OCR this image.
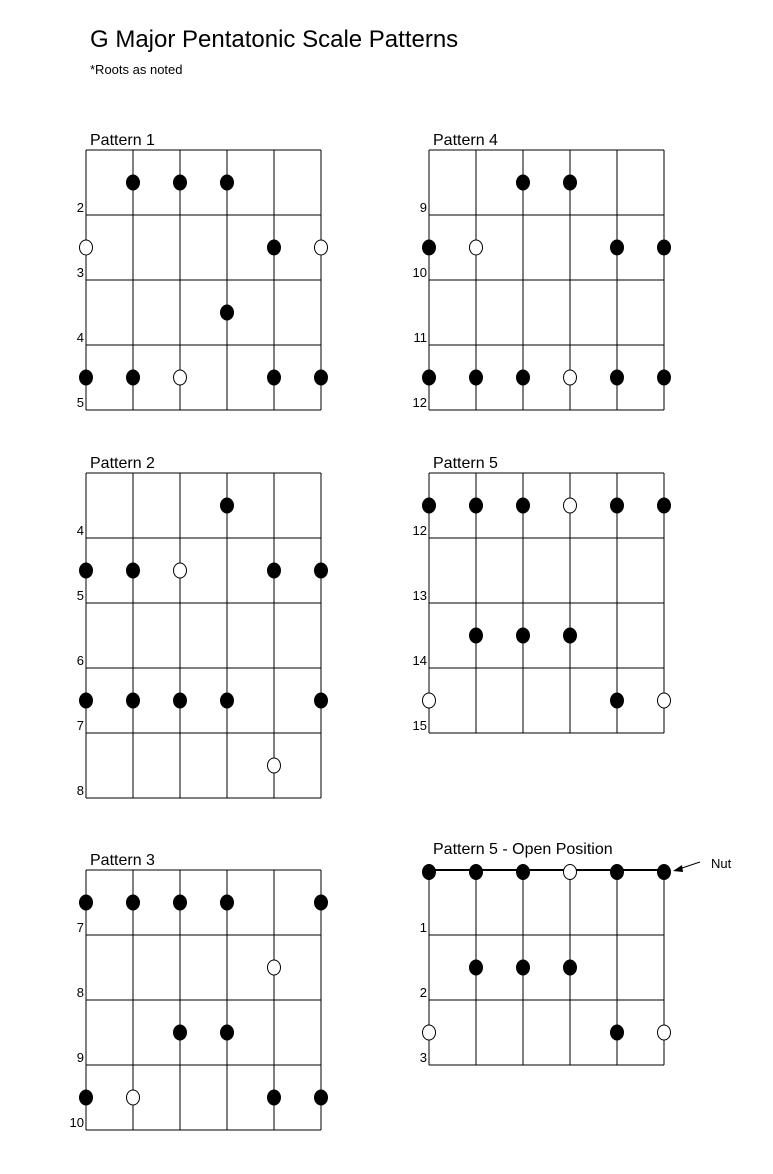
G Major Pentatonic Scale Patterns
*Roots as noted
Pattern 1
2
3
4
5
Pattern 4
9
10
11
12
Pattern 2
4
5
6
7
8
Pattern 5
12
13
14
15
Pattern 3
7
8
9
10
Pattern 5 - Open Position
1
2
3
Nut
